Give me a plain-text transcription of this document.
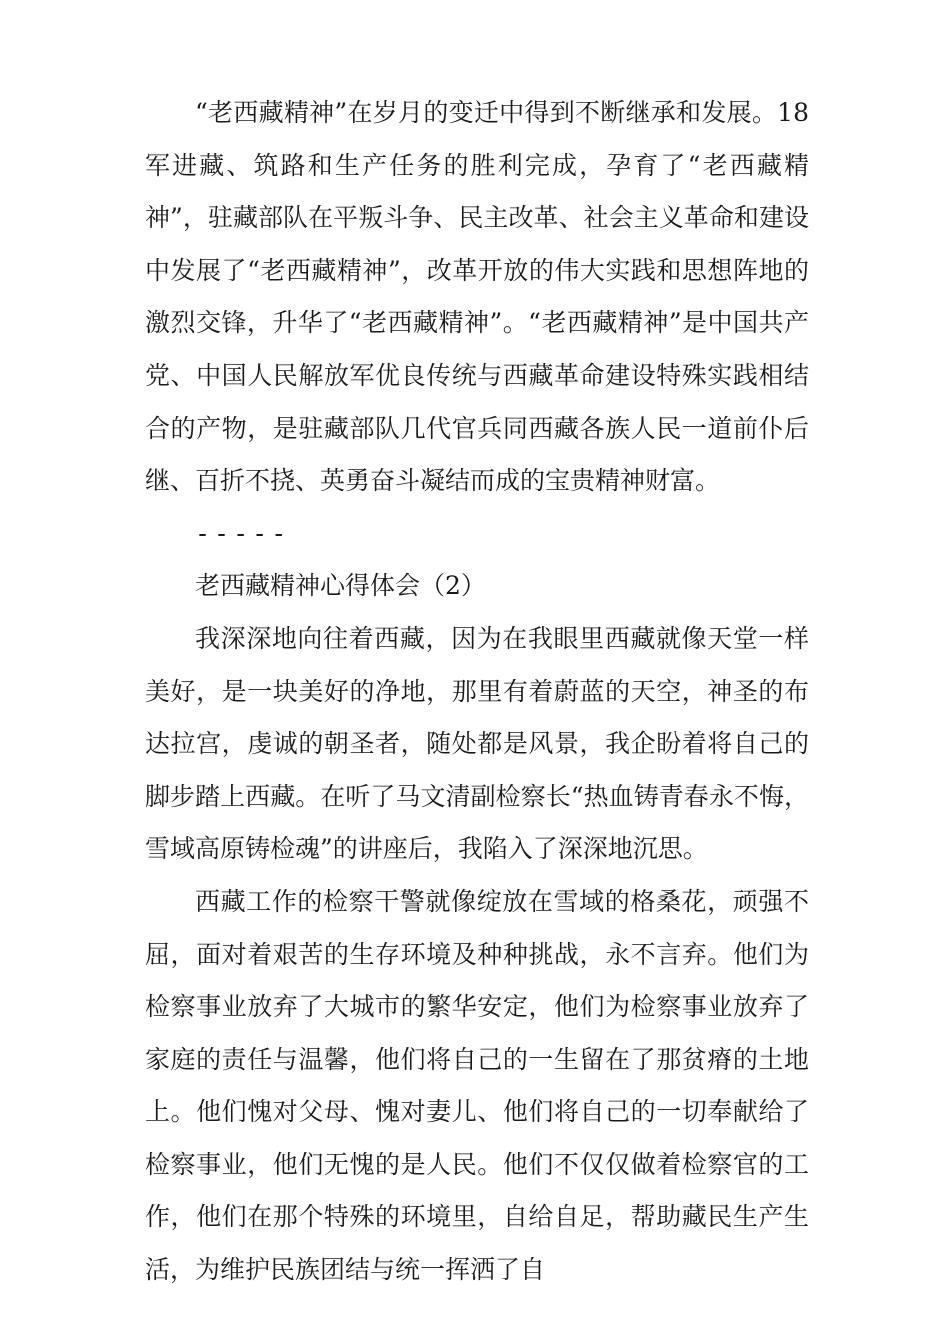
“老西藏精神”在岁月的变迁中得到不断继承和发展。18军进藏、筑路和生产任务的胜利完成，孕育了“老西藏精神”，驻藏部队在平叛斗争、民主改革、社会主义革命和建设中发展了“老西藏精神”，改革开放的伟大实践和思想阵地的激烈交锋，升华了“老西藏精神”。“老西藏精神”是中国共产党、中国人民解放军优良传统与西藏革命建设特殊实践相结合的产物，是驻藏部队几代官兵同西藏各族人民一道前仆后继、百折不挠、英勇奋斗凝结而成的宝贵精神财富。

-----
老西藏精神心得体会（2）

我深深地向往着西藏，因为在我眼里西藏就像天堂一样美好，是一块美好的净地，那里有着蔚蓝的天空，神圣的布达拉宫，虔诚的朝圣者，随处都是风景，我企盼着将自己的脚步踏上西藏。在听了马文清副检察长“热血铸青春永不悔，雪域高原铸检魂”的讲座后，我陷入了深深地沉思。

西藏工作的检察干警就像绽放在雪域的格桑花，顽强不屈，面对着艰苦的生存环境及种种挑战，永不言弃。他们为检察事业放弃了大城市的繁华安定，他们为检察事业放弃了家庭的责任与温馨，他们将自己的一生留在了那贫瘠的土地上。他们愧对父母、愧对妻儿、他们将自己的一切奉献给了检察事业，他们无愧的是人民。他们不仅仅做着检察官的工作，他们在那个特殊的环境里，自给自足，帮助藏民生产生活，为维护民族团结与统一挥洒了自
